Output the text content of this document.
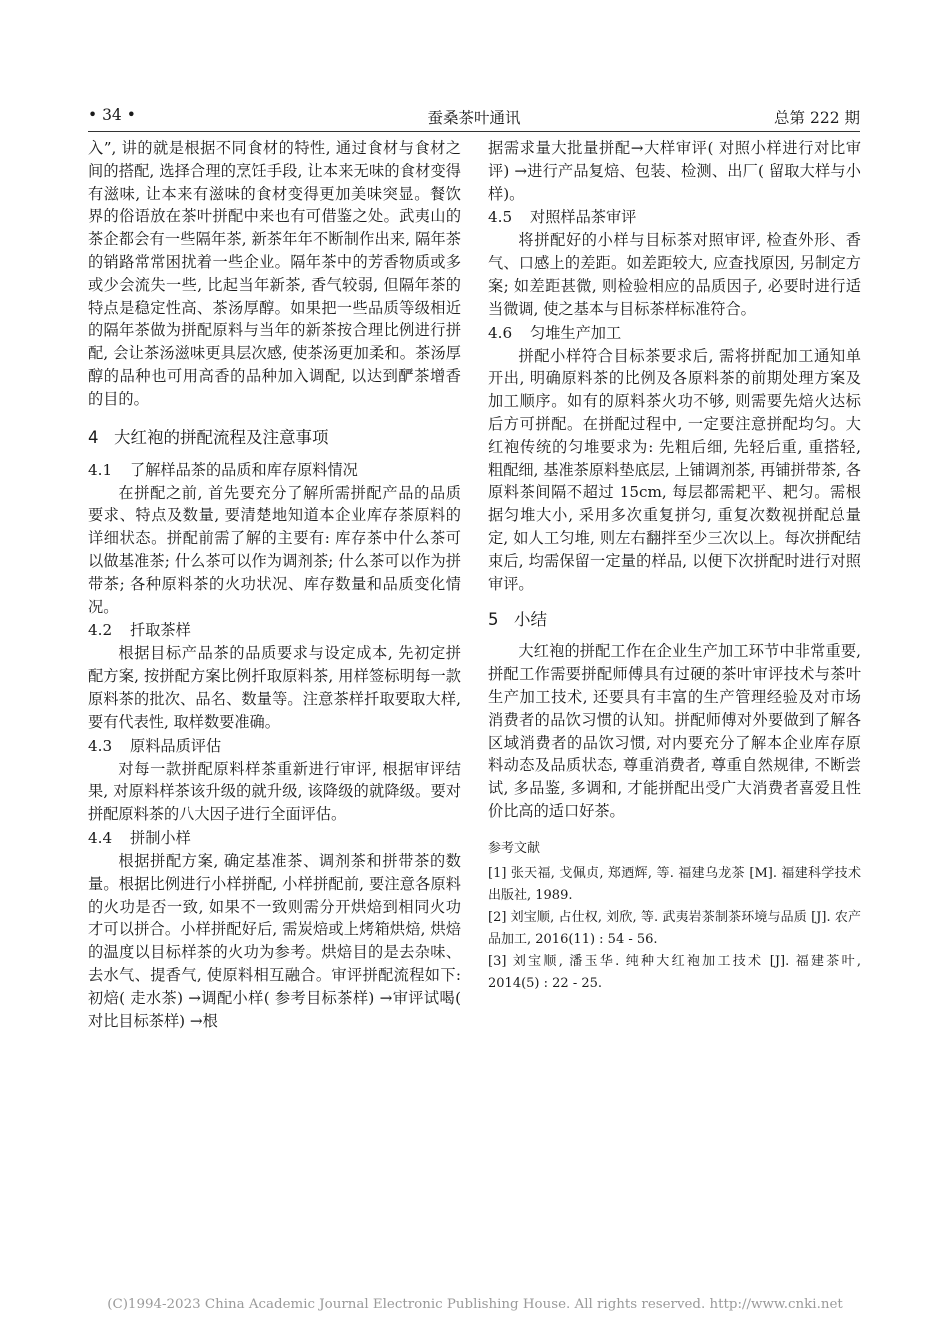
• 34 •	蚕桑茶叶通讯	总第 222 期

入”, 讲的就是根据不同食材的特性, 通过食材与食材之间的搭配, 选择合理的烹饪手段, 让本来无味的食材变得有滋味, 让本来有滋味的食材变得更加美味突显。餐饮界的俗语放在茶叶拼配中来也有可借鉴之处。武夷山的茶企都会有一些隔年茶, 新茶年年不断制作出来, 隔年茶的销路常常困扰着一些企业。隔年茶中的芳香物质或多或少会流失一些, 比起当年新茶, 香气较弱, 但隔年茶的特点是稳定性高、茶汤厚醇。如果把一些品质等级相近的隔年茶做为拼配原料与当年的新茶按合理比例进行拼配, 会让茶汤滋味更具层次感, 使茶汤更加柔和。茶汤厚醇的品种也可用高香的品种加入调配, 以达到酽茶增香的目的。

4 大红袍的拼配流程及注意事项
4.1 了解样品茶的品质和库存原料情况

在拼配之前, 首先要充分了解所需拼配产品的品质要求、特点及数量, 要清楚地知道本企业库存茶原料的详细状态。拼配前需了解的主要有: 库存茶中什么茶可以做基准茶; 什么茶可以作为调剂茶; 什么茶可以作为拼带茶; 各种原料茶的火功状况、库存数量和品质变化情况。

4.2 扦取茶样

根据目标产品茶的品质要求与设定成本, 先初定拼配方案, 按拼配方案比例扦取原料茶, 用样签标明每一款原料茶的批次、品名、数量等。注意茶样扦取要取大样, 要有代表性, 取样数要准确。

4.3 原料品质评估

对每一款拼配原料样茶重新进行审评, 根据审评结果, 对原料样茶该升级的就升级, 该降级的就降级。要对拼配原料茶的八大因子进行全面评估。

4.4 拼制小样

根据拼配方案, 确定基准茶、调剂茶和拼带茶的数量。根据比例进行小样拼配, 小样拼配前, 要注意各原料的火功是否一致, 如果不一致则需分开烘焙到相同火功才可以拼合。小样拼配好后, 需炭焙或上烤箱烘焙, 烘焙的温度以目标样茶的火功为参考。烘焙目的是去杂味、去水气、提香气, 使原料相互融合。审评拼配流程如下: 初焙( 走水茶) →调配小样( 参考目标茶样) →审评试喝( 对比目标茶样) →根

据需求量大批量拼配→大样审评( 对照小样进行对比审评) →进行产品复焙、包装、检测、出厂( 留取大样与小样)。

4.5 对照样品茶审评

将拼配好的小样与目标茶对照审评, 检查外形、香气、口感上的差距。如差距较大, 应查找原因, 另制定方案; 如差距甚微, 则检验相应的品质因子, 必要时进行适当微调, 使之基本与目标茶样标准符合。

4.6 匀堆生产加工

拼配小样符合目标茶要求后, 需将拼配加工通知单开出, 明确原料茶的比例及各原料茶的前期处理方案及加工顺序。如有的原料茶火功不够, 则需要先焙火达标后方可拼配。在拼配过程中, 一定要注意拼配均匀。大红袍传统的匀堆要求为: 先粗后细, 先轻后重, 重搭轻, 粗配细, 基准茶原料垫底层, 上铺调剂茶, 再铺拼带茶, 各原料茶间隔不超过 15cm, 每层都需耙平、耙匀。需根据匀堆大小, 采用多次重复拼匀, 重复次数视拼配总量定, 如人工匀堆, 则左右翻拌至少三次以上。每次拼配结束后, 均需保留一定量的样品, 以便下次拼配时进行对照审评。

5 小结

大红袍的拼配工作在企业生产加工环节中非常重要, 拼配工作需要拼配师傅具有过硬的茶叶审评技术与茶叶生产加工技术, 还要具有丰富的生产管理经验及对市场消费者的品饮习惯的认知。拼配师傅对外要做到了解各区域消费者的品饮习惯, 对内要充分了解本企业库存原料动态及品质状态, 尊重消费者, 尊重自然规律, 不断尝试, 多品鉴, 多调和, 才能拼配出受广大消费者喜爱且性价比高的适口好茶。

参考文献

[1] 张天福, 戈佩贞, 郑迺辉, 等. 福建乌龙茶 [M]. 福建科学技术出版社, 1989.

[2] 刘宝顺, 占仕权, 刘欣, 等. 武夷岩茶制茶环境与品质 [J]. 农产品加工, 2016(11) : 54 - 56.

[3] 刘宝顺, 潘玉华. 纯种大红袍加工技术 [J]. 福建茶叶, 2014(5) : 22 - 25.

(C)1994-2023 China Academic Journal Electronic Publishing House. All rights reserved. http://www.cnki.net
